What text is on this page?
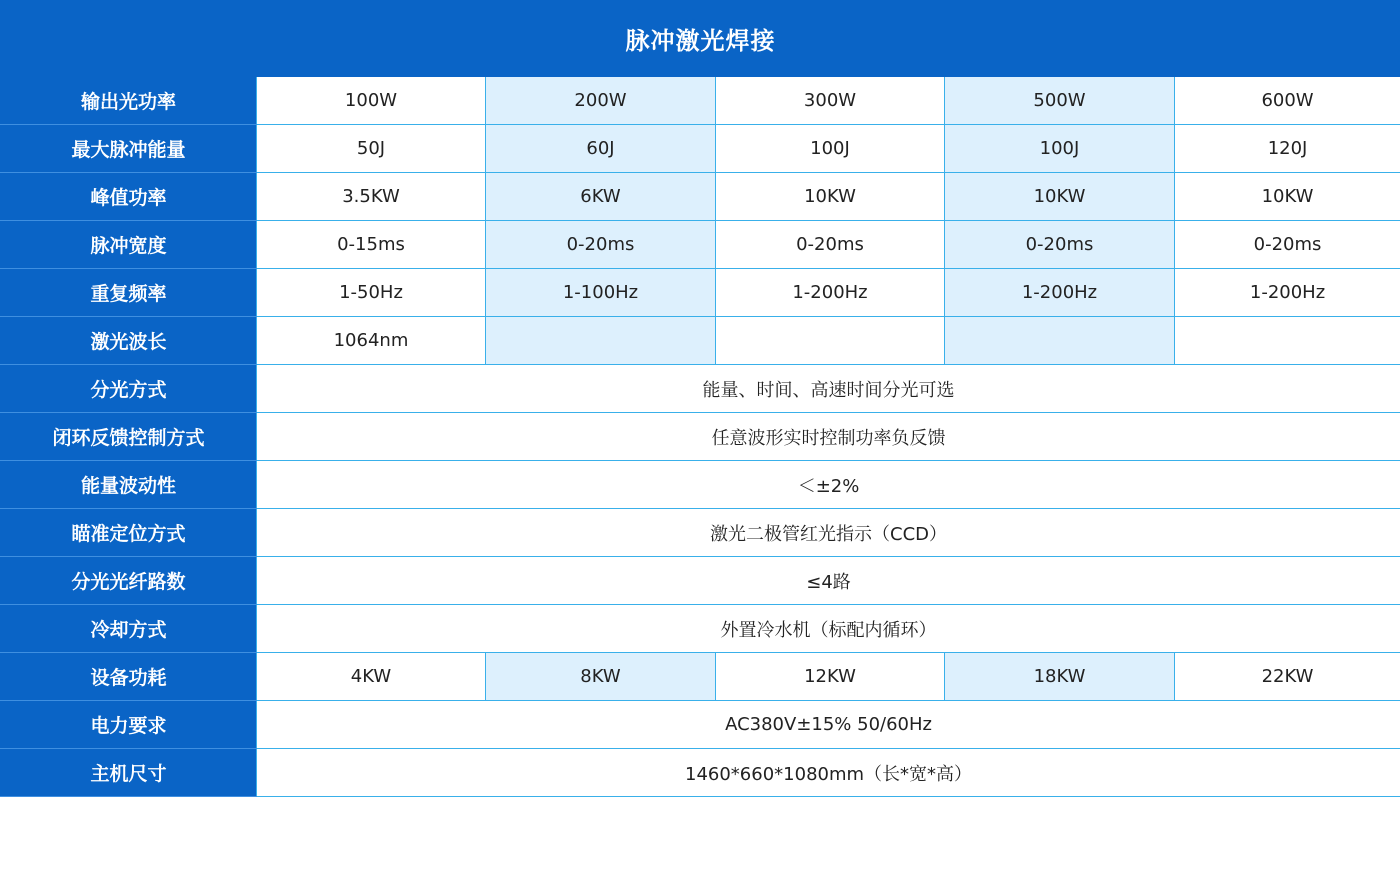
脉冲激光焊接					
输出光功率	100W	200W	300W	500W	600W
最大脉冲能量	50J	60J	100J	100J	120J
峰值功率	3.5KW	6KW	10KW	10KW	10KW
脉冲宽度	0-15ms	0-20ms	0-20ms	0-20ms	0-20ms
重复频率	1-50Hz	1-100Hz	1-200Hz	1-200Hz	1-200Hz
激光波长	1064nm				
分光方式	能量、时间、高速时间分光可选				
闭环反馈控制方式	任意波形实时控制功率负反馈				
能量波动性	＜±2%				
瞄准定位方式	激光二极管红光指示（CCD）				
分光光纤路数	≤4路				
冷却方式	外置冷水机（标配内循环）				
设备功耗	4KW	8KW	12KW	18KW	22KW
电力要求	AC380V±15% 50/60Hz				
主机尺寸	1460*660*1080mm（长*宽*高）				
